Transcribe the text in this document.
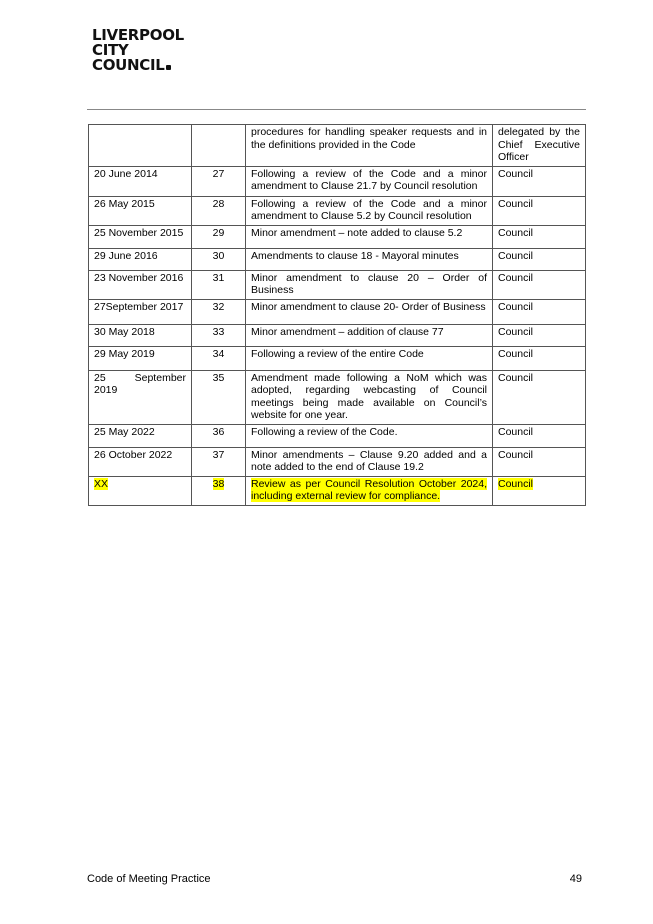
LIVERPOOL
CITY
COUNCIL
		procedures for handling speaker requests and in the definitions provided in the Code	delegated by the Chief Executive Officer
20 June 2014	27	Following a review of the Code and a minor amendment to Clause 21.7 by Council resolution	Council
26 May 2015	28	Following a review of the Code and a minor amendment to Clause 5.2 by Council resolution	Council
25 November 2015	29	Minor amendment – note added to clause 5.2	Council
29 June 2016	30	Amendments to clause 18 - Mayoral minutes	Council
23 November 2016	31	Minor amendment to clause 20 – Order of Business	Council
27September 2017	32	Minor amendment to clause 20- Order of Business	Council
30 May 2018	33	Minor amendment – addition of clause 77	Council
29 May 2019	34	Following a review of the entire Code	Council
25 September 2019	35	Amendment made following a NoM which was adopted, regarding webcasting of Council meetings being made available on Council’s website for one year.	Council
25 May 2022	36	Following a review of the Code.	Council
26 October 2022	37	Minor amendments – Clause 9.20 added and a note added to the end of Clause 19.2	Council
XX	38	Review as per Council Resolution October 2024, including external review for compliance.	Council
Code of Meeting Practice	49
